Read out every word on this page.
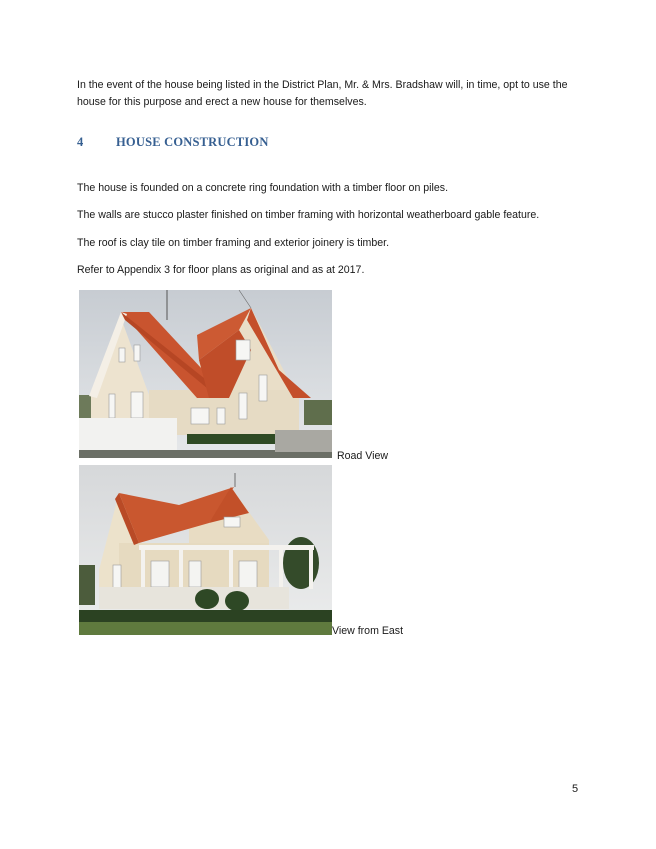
In the event of the house being listed in the District Plan, Mr. & Mrs. Bradshaw will, in time, opt to use the house for this purpose and erect a new house for themselves.

4	HOUSE CONSTRUCTION

The house is founded on a concrete ring foundation with a timber floor on piles.

The walls are stucco plaster finished on timber framing with horizontal weatherboard gable feature.

The roof is clay tile on timber framing and exterior joinery is timber.

Refer to Appendix 3 for floor plans as original and as at 2017.

Road View
View from East
5
